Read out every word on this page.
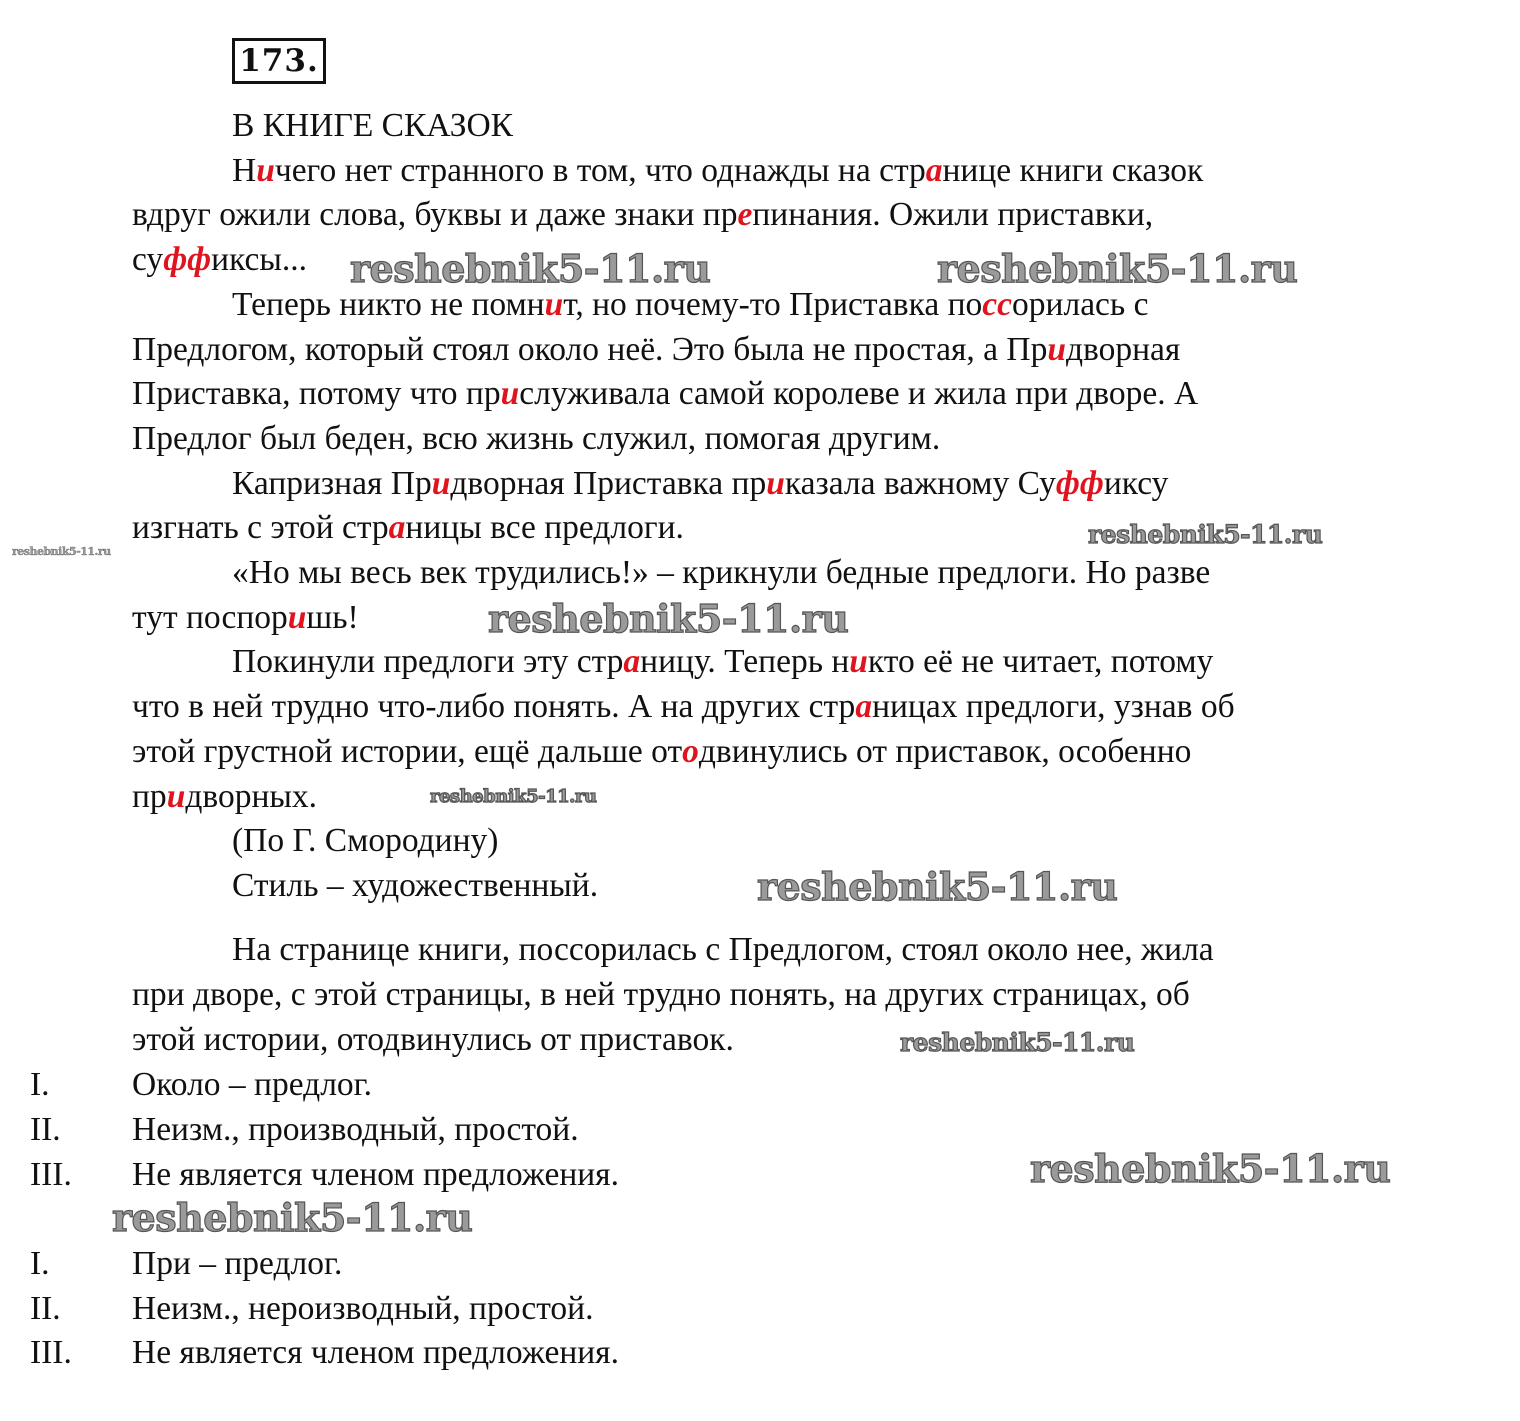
173.
В КНИГЕ СКАЗОК
Ничего нет странного в том, что однажды на странице книги сказок
вдруг ожили слова, буквы и даже знаки препинания. Ожили приставки,
суффиксы...
Теперь никто не помнит, но почему-то Приставка поссорилась с
Предлогом, который стоял около неё. Это была не простая, а Придворная
Приставка, потому что прислуживала самой королеве и жила при дворе. А
Предлог был беден, всю жизнь служил, помогая другим.
Капризная Придворная Приставка приказала важному Суффиксу
изгнать с этой страницы все предлоги.
«Но мы весь век трудились!» – крикнули бедные предлоги. Но разве
тут поспоришь!
Покинули предлоги эту страницу. Теперь никто её не читает, потому
что в ней трудно что-либо понять. А на других страницах предлоги, узнав об
этой грустной истории, ещё дальше отодвинулись от приставок, особенно
придворных.
(По Г. Смородину)
Стиль – художественный.
На странице книги, поссорилась с Предлогом, стоял около нее, жила
при дворе, с этой страницы, в ней трудно понять, на других страницах, об
этой истории, отодвинулись от приставок.
I. Около – предлог.
II. Неизм., производный, простой.
III. Не является членом предложения.
I. При – предлог.
II. Неизм., нероизводный, простой.
III. Не является членом предложения.
reshebnik5-11.ru	reshebnik5-11.ru
reshebnik5-11.ru
reshebnik5-11.ru
reshebnik5-11.ru
reshebnik5-11.ru
reshebnik5-11.ru
reshebnik5-11.ru
reshebnik5-11.ru
reshebnik5-11.ru
